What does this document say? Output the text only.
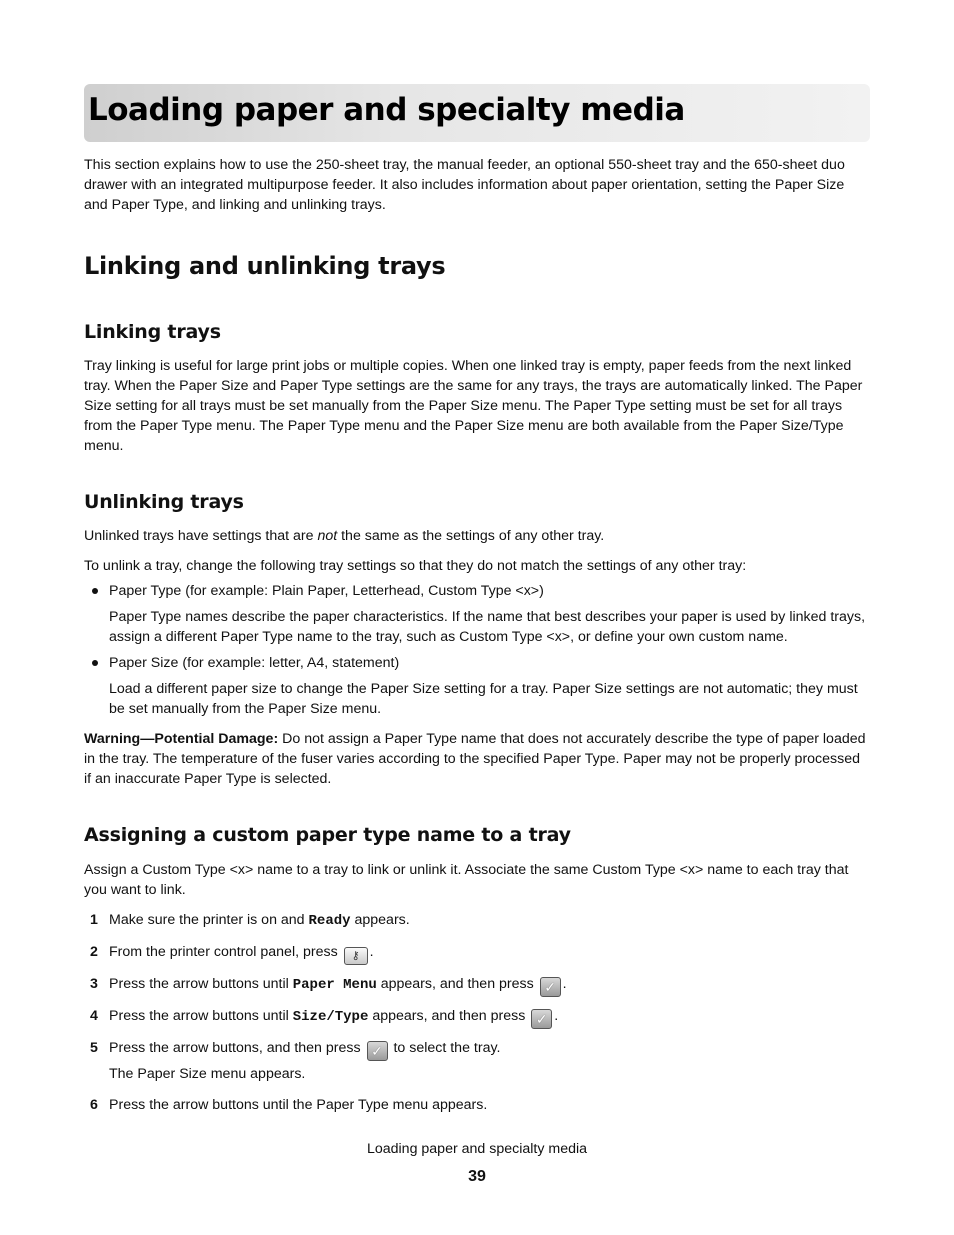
Loading paper and specialty media

This section explains how to use the 250-sheet tray, the manual feeder, an optional 550-sheet tray and the 650-sheet duo drawer with an integrated multipurpose feeder. It also includes information about paper orientation, setting the Paper Size and Paper Type, and linking and unlinking trays.

Linking and unlinking trays
Linking trays

Tray linking is useful for large print jobs or multiple copies. When one linked tray is empty, paper feeds from the next linked tray. When the Paper Size and Paper Type settings are the same for any trays, the trays are automatically linked. The Paper Size setting for all trays must be set manually from the Paper Size menu. The Paper Type setting must be set for all trays from the Paper Type menu. The Paper Type menu and the Paper Size menu are both available from the Paper Size/Type menu.

Unlinking trays

Unlinked trays have settings that are not the same as the settings of any other tray.

To unlink a tray, change the following tray settings so that they do not match the settings of any other tray:

Paper Type (for example: Plain Paper, Letterhead, Custom Type <x>)

Paper Type names describe the paper characteristics. If the name that best describes your paper is used by linked trays, assign a different Paper Type name to the tray, such as Custom Type <x>, or define your own custom name.

Paper Size (for example: letter, A4, statement)

Load a different paper size to change the Paper Size setting for a tray. Paper Size settings are not automatic; they must be set manually from the Paper Size menu.

Warning—Potential Damage: Do not assign a Paper Type name that does not accurately describe the type of paper loaded in the tray. The temperature of the fuser varies according to the specified Paper Type. Paper may not be properly processed if an inaccurate Paper Type is selected.

Assigning a custom paper type name to a tray

Assign a Custom Type <x> name to a tray to link or unlink it. Associate the same Custom Type <x> name to each tray that you want to link.

1 Make sure the printer is on and Ready appears.
2 From the printer control panel, press ⚷ .
3 Press the arrow buttons until Paper Menu appears, and then press ✓ .
4 Press the arrow buttons until Size/Type appears, and then press ✓ .
5 Press the arrow buttons, and then press ✓ to select the tray.

The Paper Size menu appears.

6 Press the arrow buttons until the Paper Type menu appears.
Loading paper and specialty media
39
